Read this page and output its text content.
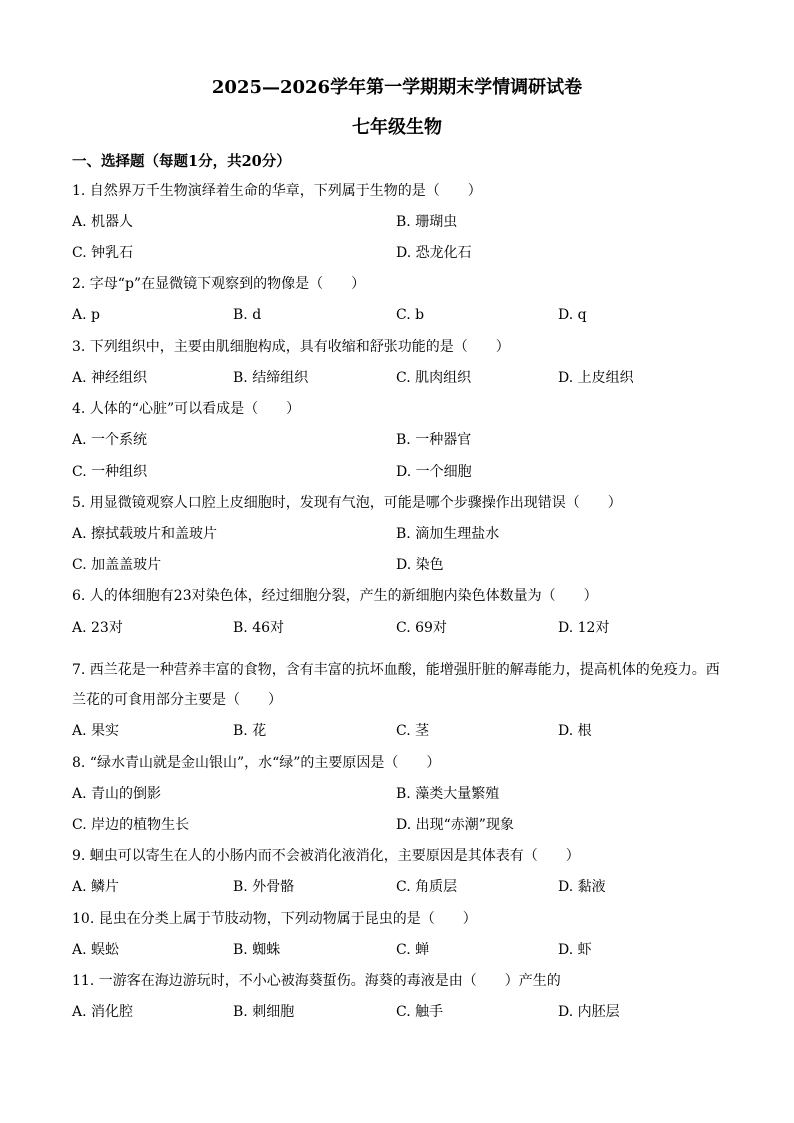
2025—2026学年第一学期期末学情调研试卷
七年级生物
一、选择题（每题1分，共20分）
1. 自然界万千生物演绎着生命的华章，下列属于生物的是（　　）
A. 机器人	B. 珊瑚虫
C. 钟乳石	D. 恐龙化石
2. 字母“p”在显微镜下观察到的物像是（　　）
A. p	B. d	C. b	D. q
3. 下列组织中，主要由肌细胞构成，具有收缩和舒张功能的是（　　）
A. 神经组织	B. 结缔组织	C. 肌肉组织	D. 上皮组织
4. 人体的“心脏”可以看成是（　　）
A. 一个系统	B. 一种器官
C. 一种组织	D. 一个细胞
5. 用显微镜观察人口腔上皮细胞时，发现有气泡，可能是哪个步骤操作出现错误（　　）
A. 擦拭载玻片和盖玻片	B. 滴加生理盐水
C. 加盖盖玻片	D. 染色
6. 人的体细胞有23对染色体，经过细胞分裂，产生的新细胞内染色体数量为（　　）
A. 23对	B. 46对	C. 69对	D. 12对
7. 西兰花是一种营养丰富的食物，含有丰富的抗坏血酸，能增强肝脏的解毒能力，提高机体的免疫力。西
兰花的可食用部分主要是（　　）
A. 果实	B. 花	C. 茎	D. 根
8. “绿水青山就是金山银山”，水“绿”的主要原因是（　　）
A. 青山的倒影	B. 藻类大量繁殖
C. 岸边的植物生长	D. 出现“赤潮”现象
9. 蛔虫可以寄生在人的小肠内而不会被消化液消化，主要原因是其体表有（　　）
A. 鳞片	B. 外骨骼	C. 角质层	D. 黏液
10. 昆虫在分类上属于节肢动物，下列动物属于昆虫的是（　　）
A. 蜈蚣	B. 蜘蛛	C. 蝉	D. 虾
11. 一游客在海边游玩时，不小心被海葵蜇伤。海葵的毒液是由（　　）产生的
A. 消化腔	B. 刺细胞	C. 触手	D. 内胚层
